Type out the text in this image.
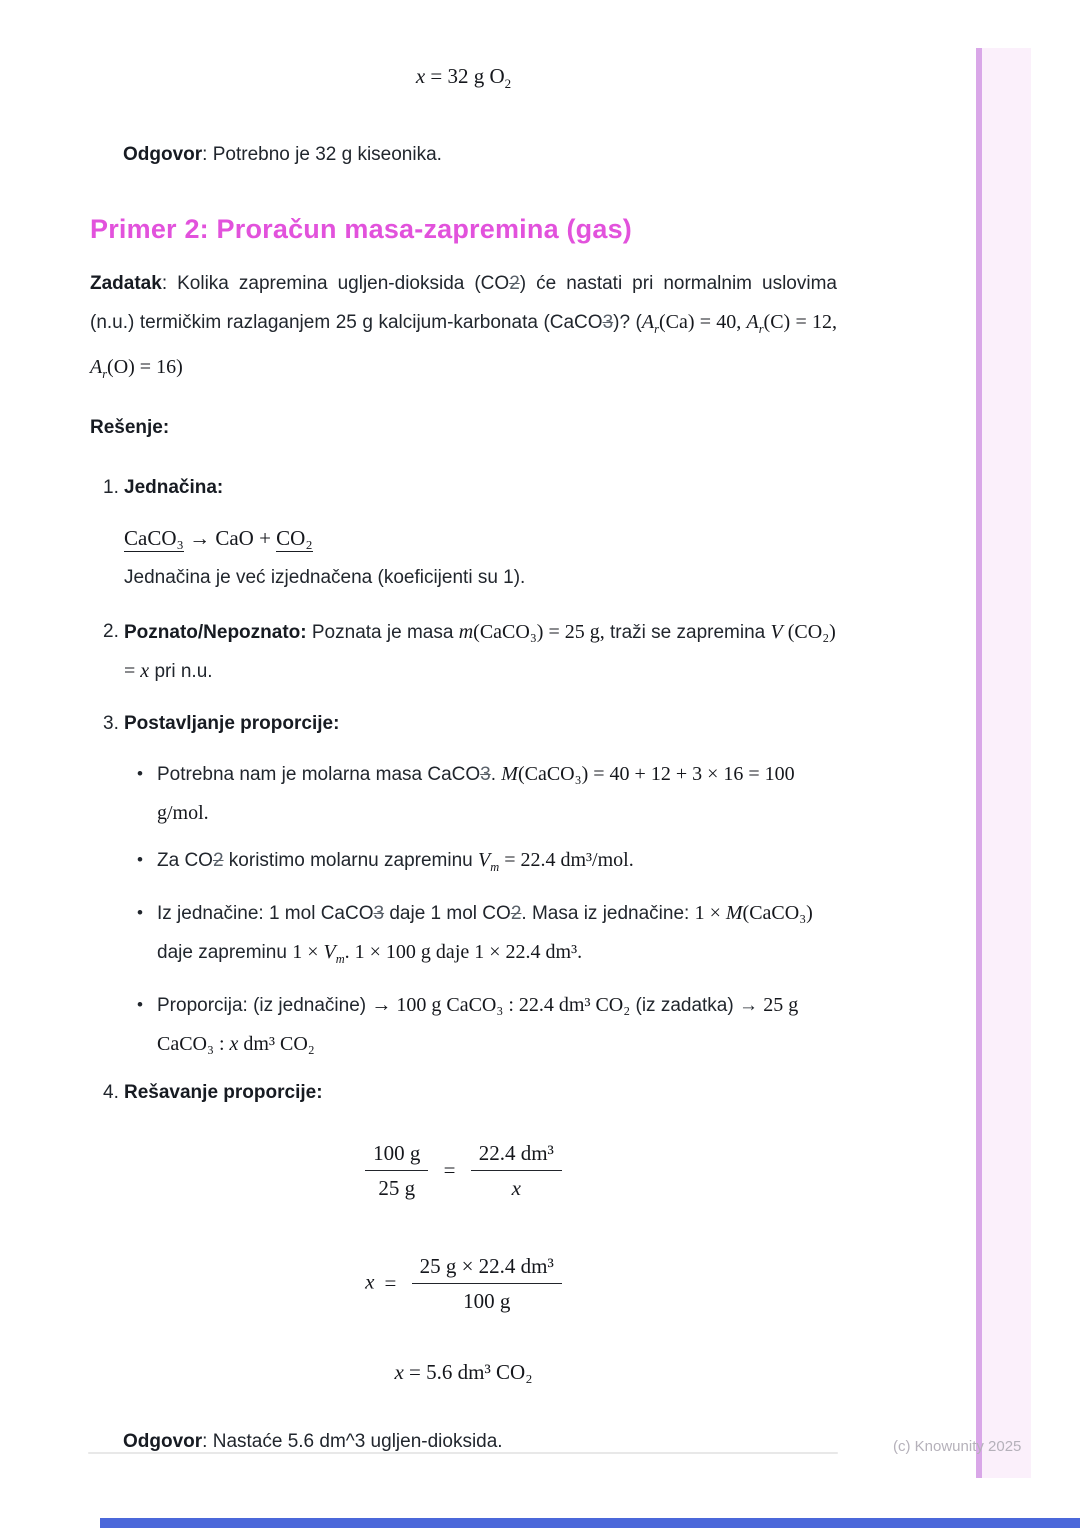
x = 32 g $O_2$

Odgovor: Potrebno je 32 g kiseonika.

Primer 2: Proračun masa-zapremina (gas)

Zadatak: Kolika zapremina ugljen-dioksida (CO2) će nastati pri normalnim uslovima (n.u.) termičkim razlaganjem 25 g kalcijum-karbonata (CaCO3)? ($A_r(Ca) = 40$, $A_r(C) = 12$, $A_r(O) = 16$)

Rešenje:

1. Jednačina:
CaCO₃ → CaO + CO₂
Jednačina je već izjednačena (koeficijenti su 1).
2. Poznato/Nepoznato: Poznata je masa m(CaCO₃) = 25 g, traži se zapremina V (CO₂) = x pri n.u.
3. Postavljanje proporcije:
• Potrebna nam je molarna masa CaCO3. M(CaCO₃) = 40 + 12 + 3 × 16 = 100 g/mol.
• Za CO2 koristimo molarnu zapreminu $V_m = 22.4$ dm³/mol.
• Iz jednačine: 1 mol CaCO3 daje 1 mol CO2. Masa iz jednačine: 1 × M(CaCO₃) daje zapreminu $1 \times V_m$. 1 × 100 g daje 1 × 22.4 dm³.
• Proporcija: (iz jednačine) → 100 g CaCO₃ : 22.4 dm³ CO₂ (iz zadatka) → 25 g CaCO₃ : x dm³ CO₂
4. Rešavanje proporcije:
$\frac{100 g}{25 g} = \frac{\text{22.4 dm³}}{x}$
$x= \frac{\text{25 g × 22.4 dm³}}{100 g}$
x = 5.6 dm³ CO₂

Odgovor: Nastaće 5.6 dm^3 ugljen-dioksida.	(c) Knowunity 2025
